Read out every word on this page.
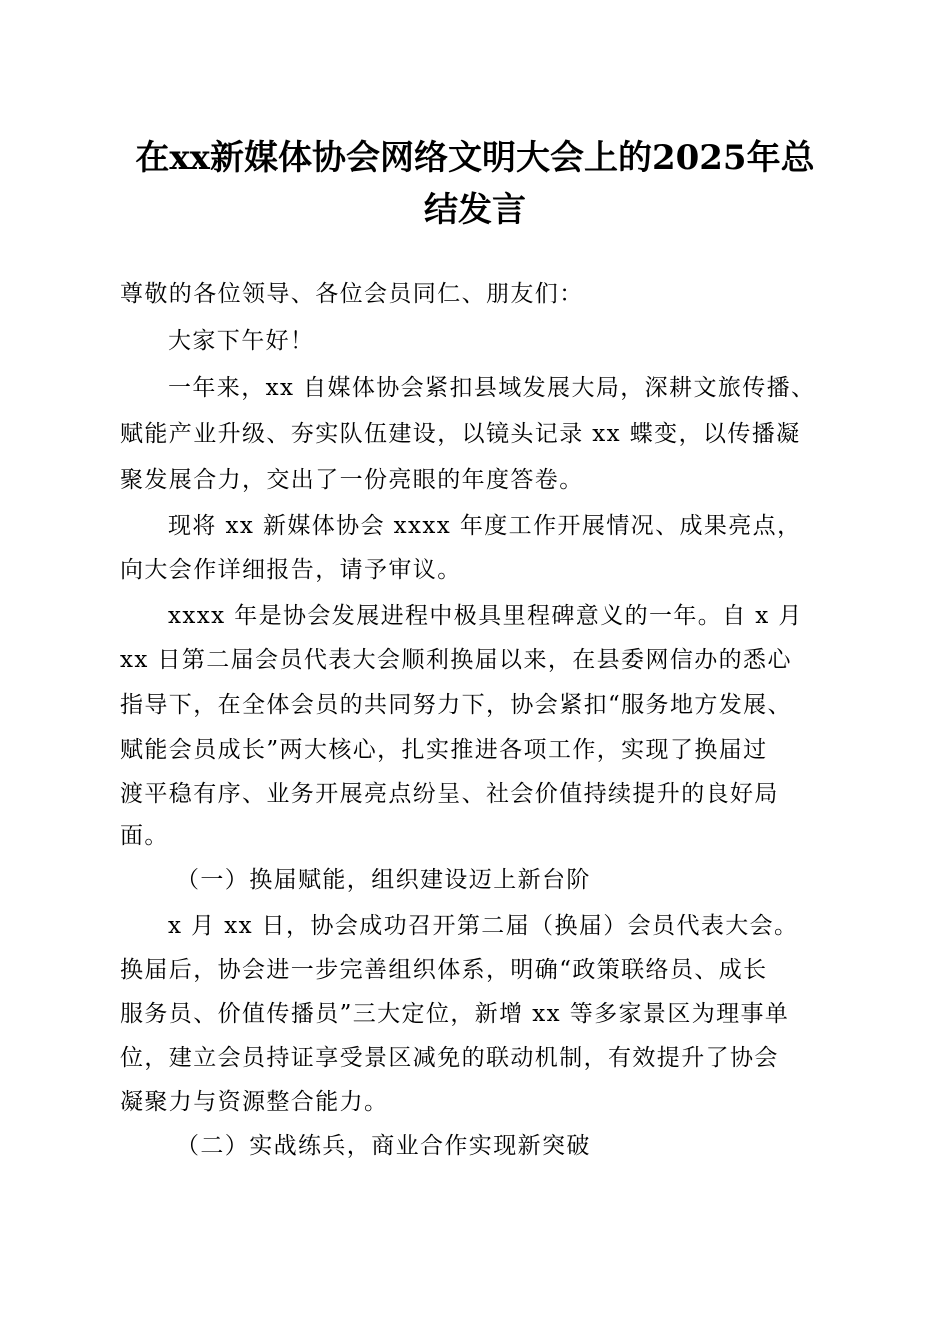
在xx新媒体协会网络文明大会上的2025年总
结发言
尊敬的各位领导、各位会员同仁、朋友们：
大家下午好！
一年来，xx 自媒体协会紧扣县域发展大局，深耕文旅传播、
赋能产业升级、夯实队伍建设，以镜头记录 xx 蝶变，以传播凝
聚发展合力，交出了一份亮眼的年度答卷。
现将 xx 新媒体协会 xxxx 年度工作开展情况、成果亮点，
向大会作详细报告，请予审议。
xxxx 年是协会发展进程中极具里程碑意义的一年。自 x 月
xx 日第二届会员代表大会顺利换届以来，在县委网信办的悉心
指导下，在全体会员的共同努力下，协会紧扣“服务地方发展、
赋能会员成长”两大核心，扎实推进各项工作，实现了换届过
渡平稳有序、业务开展亮点纷呈、社会价值持续提升的良好局
面。
（一）换届赋能，组织建设迈上新台阶
x 月 xx 日，协会成功召开第二届（换届）会员代表大会。
换届后，协会进一步完善组织体系，明确“政策联络员、成长
服务员、价值传播员”三大定位，新增 xx 等多家景区为理事单
位，建立会员持证享受景区减免的联动机制，有效提升了协会
凝聚力与资源整合能力。
（二）实战练兵，商业合作实现新突破
